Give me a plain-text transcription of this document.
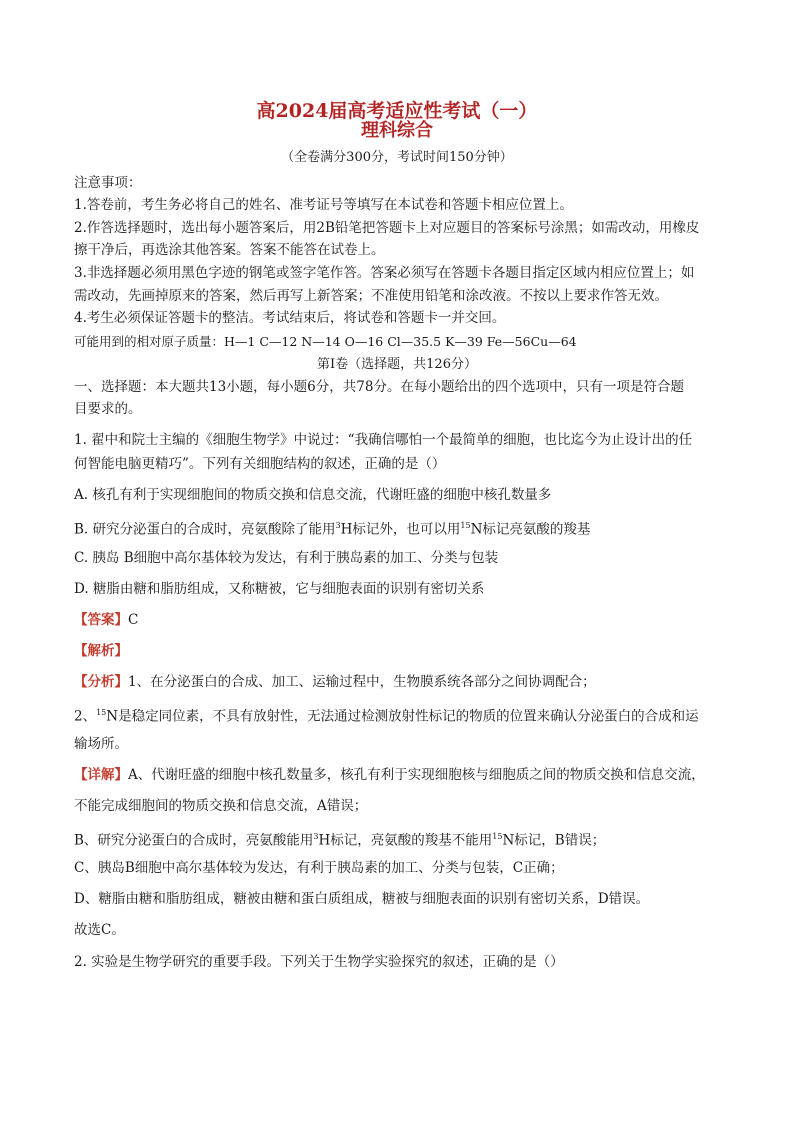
高2024届高考适应性考试（一）
理科综合
（全卷满分300分，考试时间150分钟）
注意事项：
1.答卷前，考生务必将自己的姓名、准考证号等填写在本试卷和答题卡相应位置上。
2.作答选择题时，选出每小题答案后，用2B铅笔把答题卡上对应题目的答案标号涂黑；如需改动，用橡皮
擦干净后，再选涂其他答案。答案不能答在试卷上。
3.非选择题必须用黑色字迹的钢笔或签字笔作答。答案必须写在答题卡各题目指定区域内相应位置上；如
需改动，先画掉原来的答案，然后再写上新答案；不准使用铅笔和涂改液。不按以上要求作答无效。
4.考生必须保证答题卡的整洁。考试结束后，将试卷和答题卡一并交回。
可能用到的相对原子质量：H—1 C—12 N—14 O—16 Cl—35.5 K—39 Fe—56Cu—64
第Ⅰ卷（选择题，共126分）
一、选择题：本大题共13小题，每小题6分，共78分。在每小题给出的四个选项中，只有一项是符合题
目要求的。
1. 翟中和院士主编的《细胞生物学》中说过：“我确信哪怕一个最简单的细胞，也比迄今为止设计出的任
何智能电脑更精巧”。下列有关细胞结构的叙述，正确的是（）
A. 核孔有利于实现细胞间的物质交换和信息交流，代谢旺盛的细胞中核孔数量多
B. 研究分泌蛋白的合成时，亮氨酸除了能用$^3$H标记外，也可以用$^{15}$N标记亮氨酸的羧基
C. 胰岛 B细胞中高尔基体较为发达，有利于胰岛素的加工、分类与包装
D. 糖脂由糖和脂肪组成，又称糖被，它与细胞表面的识别有密切关系
【答案】C
【解析】
【分析】1、在分泌蛋白的合成、加工、运输过程中，生物膜系统各部分之间协调配合；
2、$^{15}$N是稳定同位素，不具有放射性，无法通过检测放射性标记的物质的位置来确认分泌蛋白的合成和运
输场所。
【详解】A、代谢旺盛的细胞中核孔数量多，核孔有利于实现细胞核与细胞质之间的物质交换和信息交流，
不能完成细胞间的物质交换和信息交流，A错误；
B、研究分泌蛋白的合成时，亮氨酸能用$^3$H标记，亮氨酸的羧基不能用$^{15}$N标记，B错误；
C、胰岛B细胞中高尔基体较为发达，有利于胰岛素的加工、分类与包装，C正确；
D、糖脂由糖和脂肪组成，糖被由糖和蛋白质组成，糖被与细胞表面的识别有密切关系，D错误。
故选C。
2. 实验是生物学研究的重要手段。下列关于生物学实验探究的叙述，正确的是（）
